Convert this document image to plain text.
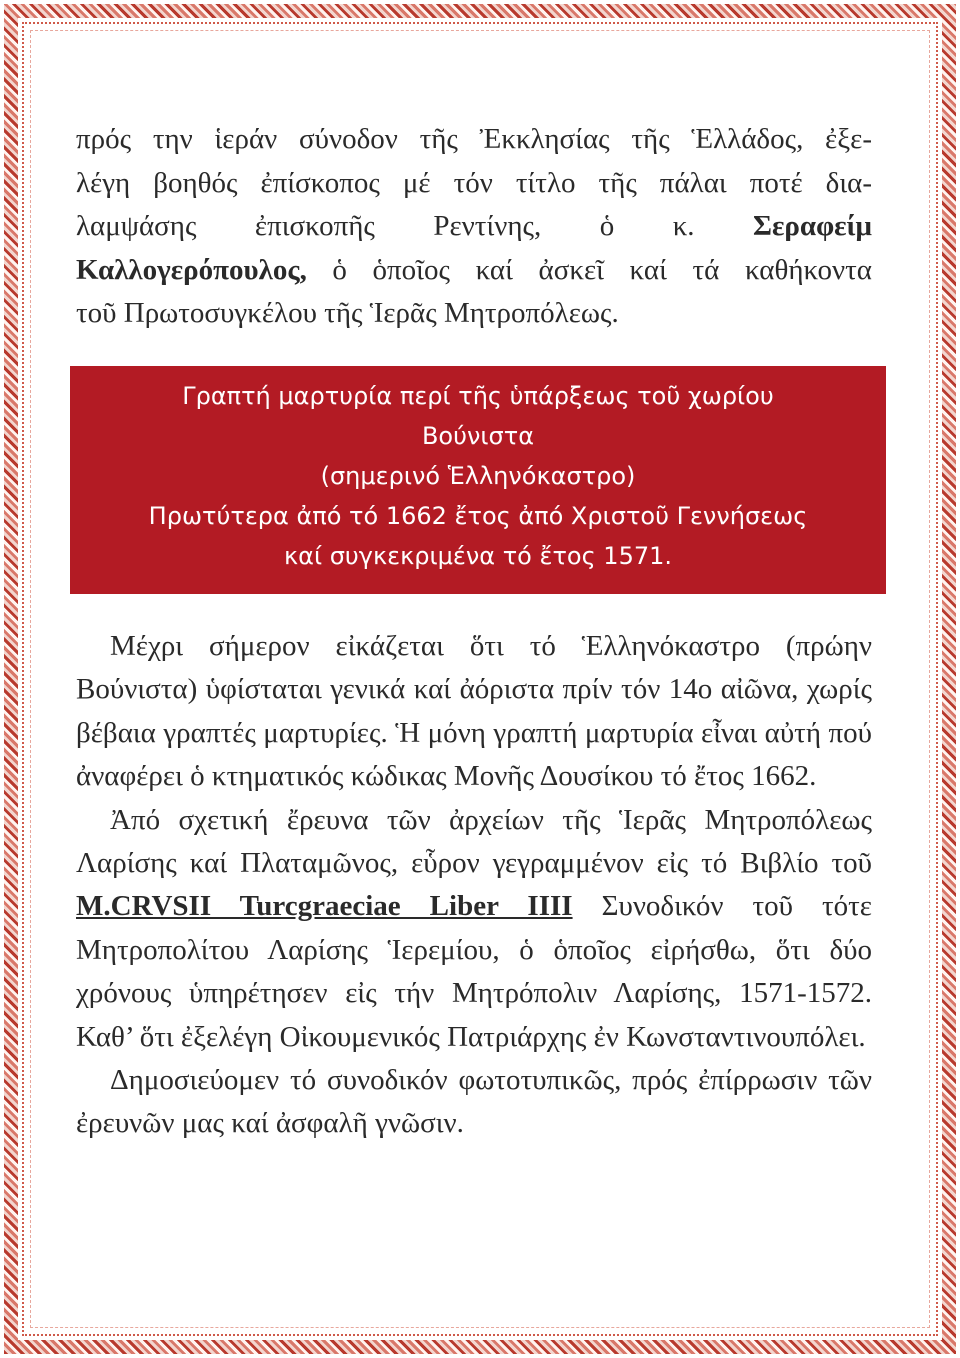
πρός την ἱεράν σύνοδον τῆς Ἐκκλησίας τῆς Ἑλλάδος, ἐξε-
λέγη βοηθός ἐπίσκοπος μέ τόν τίτλο τῆς πάλαι ποτέ δια-
λαμψάσης ἐπισκοπῆς Ρεντίνης, ὁ κ. Σεραφείμ
Καλλογερόπουλος, ὁ ὁποῖος καί ἀσκεῖ καί τά καθήκοντα
τοῦ Πρωτοσυγκέλου τῆς Ἱερᾶς Μητροπόλεως.
Γραπτή μαρτυρία περί τῆς ὑπάρξεως τοῦ χωρίου
Βούνιστα
(σημερινό Ἑλληνόκαστρο)
Πρωτύτερα ἀπό τό 1662 ἔτος ἀπό Χριστοῦ Γεννήσεως
καί συγκεκριμένα τό ἔτος 1571.

Μέχρι σήμερον εἰκάζεται ὅτι τό Ἑλληνόκαστρο (πρώην Βούνιστα) ὑφίσταται γενικά καί ἀόριστα πρίν τόν 14ο αἰῶνα, χωρίς βέβαια γραπτές μαρτυρίες. Ἡ μόνη γραπτή μαρτυρία εἶναι αὐτή πού ἀναφέρει ὁ κτηματικός κώδικας Μονῆς Δουσίκου τό ἔτος 1662.

Ἀπό σχετική ἔρευνα τῶν ἀρχείων τῆς Ἱερᾶς Μητροπόλεως Λαρίσης καί Πλαταμῶνος, εὗρον γεγραμμένον εἰς τό Βιβλίο τοῦ M.CRVSII Turcgraeciae Liber IIII Συνοδικόν τοῦ τότε Μητροπολίτου Λαρίσης Ἱερεμίου, ὁ ὁποῖος εἰρήσθω, ὅτι δύο χρόνους ὑπηρέτησεν εἰς τήν Μητρόπολιν Λαρίσης, 1571-1572. Καθ’ ὅτι ἐξελέγη Οἰκουμενικός Πατριάρχης ἐν Κωνσταντινουπόλει.

Δημοσιεύομεν τό συνοδικόν φωτοτυπικῶς, πρός ἐπίρρωσιν τῶν ἐρευνῶν μας καί ἀσφαλῆ γνῶσιν.
